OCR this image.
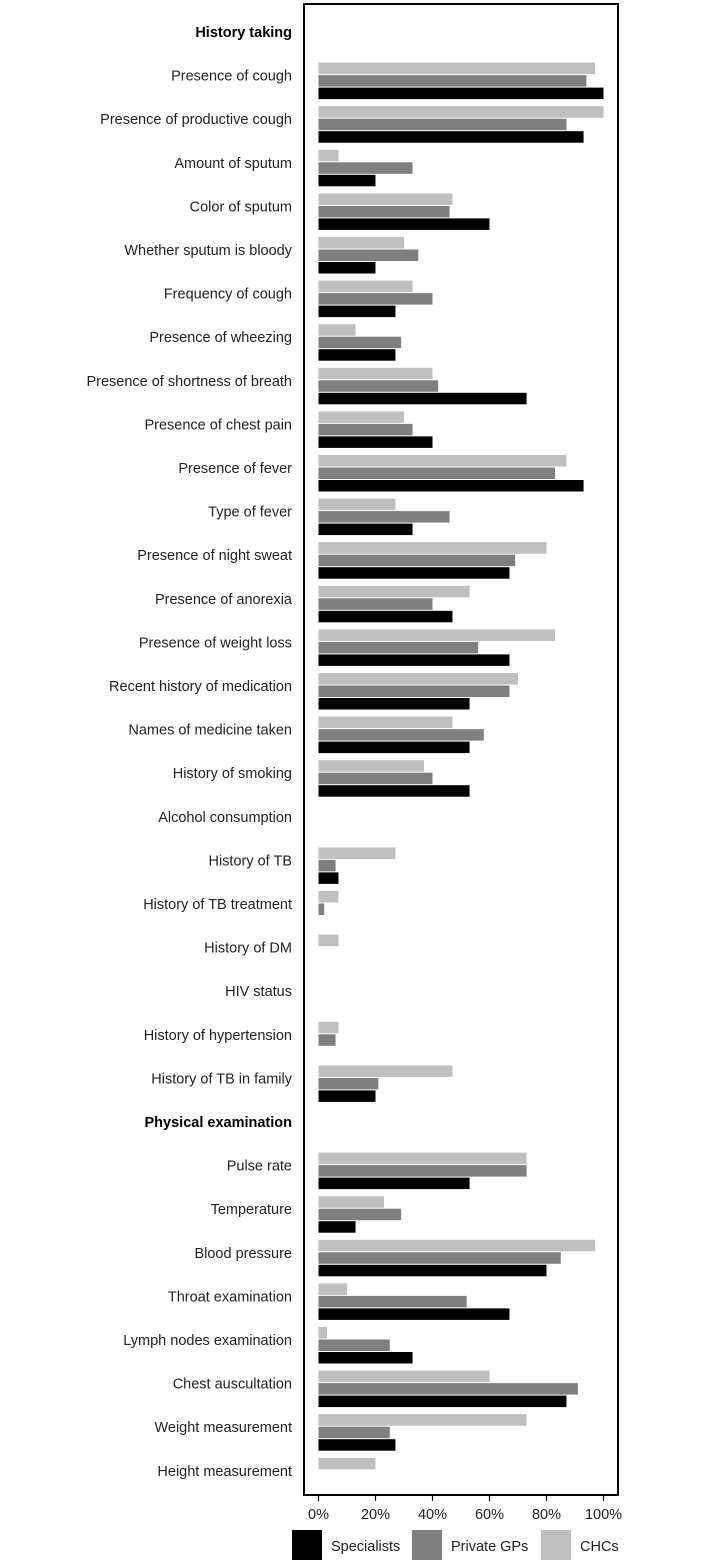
History taking
Presence of cough
Presence of productive cough
Amount of sputum
Color of sputum
Whether sputum is bloody
Frequency of cough
Presence of wheezing
Presence of shortness of breath
Presence of chest pain
Presence of fever
Type of fever
Presence of night sweat
Presence of anorexia
Presence of weight loss
Recent history of medication
Names of medicine taken
History of smoking
Alcohol consumption
History of TB
History of TB treatment
History of DM
HIV status
History of hypertension
History of TB in family
Physical examination
Pulse rate
Temperature
Blood pressure
Throat examination
Lymph nodes examination
Chest auscultation
Weight measurement
Height measurement
0% 20% 40% 60% 80% 100%
Specialists	Private GPs	CHCs
